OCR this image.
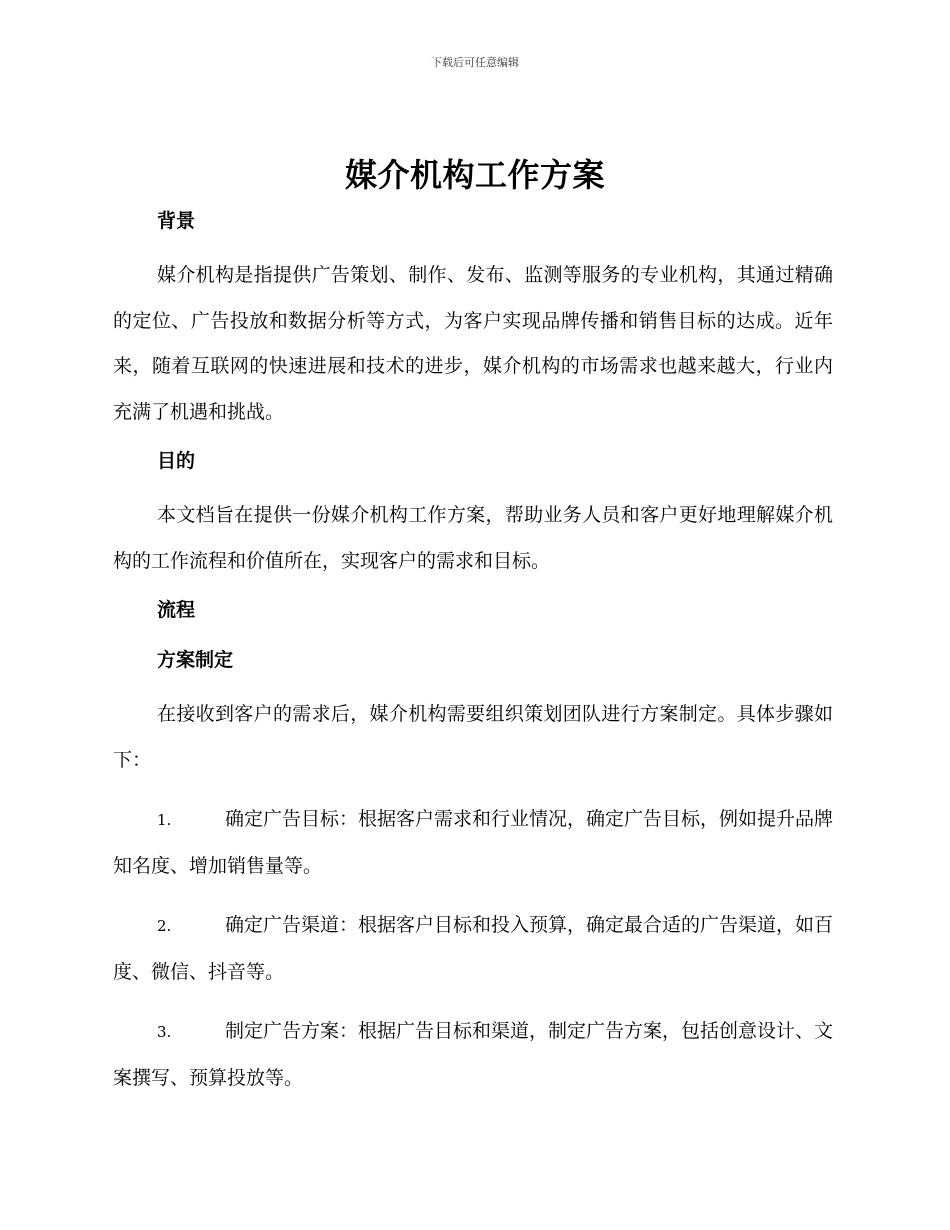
下载后可任意编辑
媒介机构工作方案
背景

媒介机构是指提供广告策划、制作、发布、监测等服务的专业机构，其通过精确的定位、广告投放和数据分析等方式，为客户实现品牌传播和销售目标的达成。近年来，随着互联网的快速进展和技术的进步，媒介机构的市场需求也越来越大，行业内充满了机遇和挑战。

目的

本文档旨在提供一份媒介机构工作方案，帮助业务人员和客户更好地理解媒介机构的工作流程和价值所在，实现客户的需求和目标。

流程
方案制定

在接收到客户的需求后，媒介机构需要组织策划团队进行方案制定。具体步骤如下：

1.	确定广告目标：根据客户需求和行业情况，确定广告目标，例如提升品牌知名度、增加销售量等。

2.	确定广告渠道：根据客户目标和投入预算，确定最合适的广告渠道，如百度、微信、抖音等。

3.	制定广告方案：根据广告目标和渠道，制定广告方案，包括创意设计、文案撰写、预算投放等。
